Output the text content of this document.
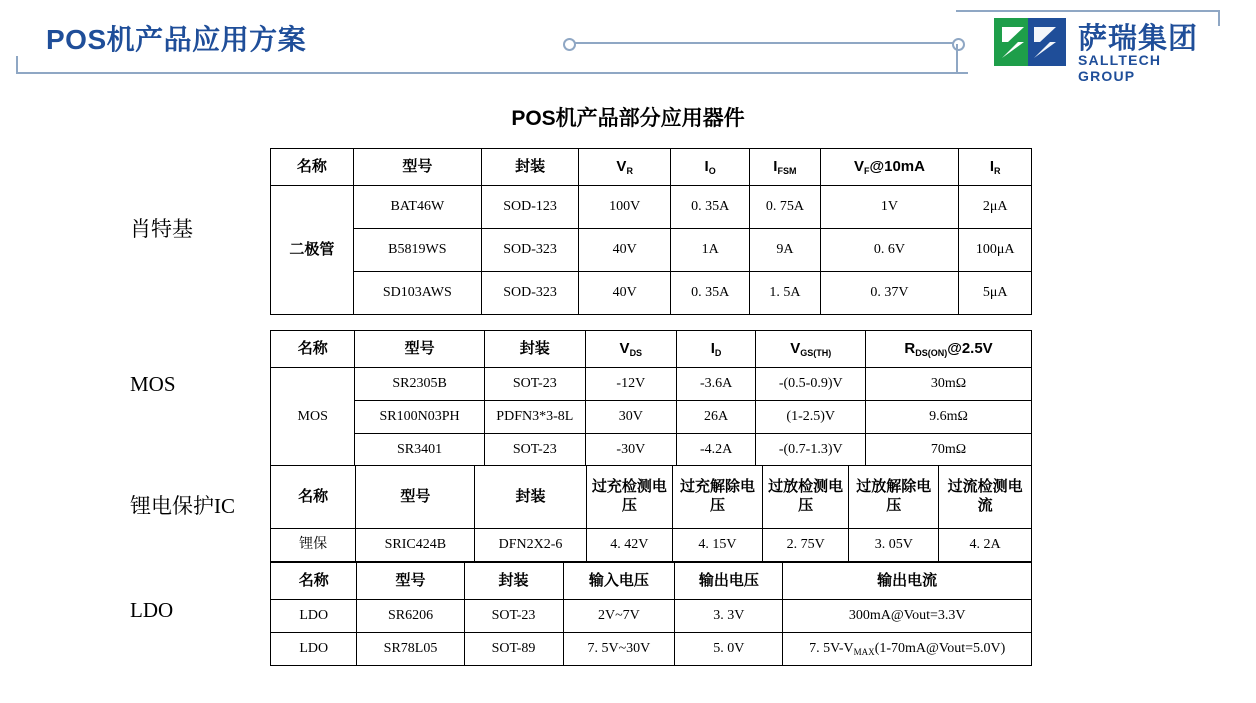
POS机产品应用方案	萨瑞集团
SALLTECH GROUP
POS机产品部分应用器件
肖特基
MOS
锂电保护IC
LDO
名称	型号	封装	$V_R$	$I_O$	$I_{FSM}$	$V_F@10mA$	$I_R$
二极管	BAT46W	SOD-123	100V	0. 35A	0. 75A	1V	2μA
	B5819WS	SOD-323	40V	1A	9A	0. 6V	100μA
	SD103AWS	SOD-323	40V	0. 35A	1. 5A	0. 37V	5μA
名称	型号	封装	$V_{DS}$	$I_D$	$V_{GS(TH)}$	$R_{DS(ON)}@2.5V$
MOS	SR2305B	SOT-23	-12V	-3.6A	-(0.5-0.9)V	30mΩ
	SR100N03PH	PDFN3*3-8L	30V	26A	(1-2.5)V	9.6mΩ
	SR3401	SOT-23	-30V	-4.2A	-(0.7-1.3)V	70mΩ
名称	型号	封装	过充检测电压	过充解除电压	过放检测电压	过放解除电压	过流检测电流
锂保	SRIC424B	DFN2X2-6	4. 42V	4. 15V	2. 75V	3. 05V	4. 2A
名称	型号	封装	输入电压	输出电压	输出电流
LDO	SR6206	SOT-23	2V~7V	3. 3V	300mA@Vout=3.3V
LDO	SR78L05	SOT-89	7. 5V~30V	5. 0V	7. $5V-V_{MAX}(1-70mA@Vout=5.0V)$
